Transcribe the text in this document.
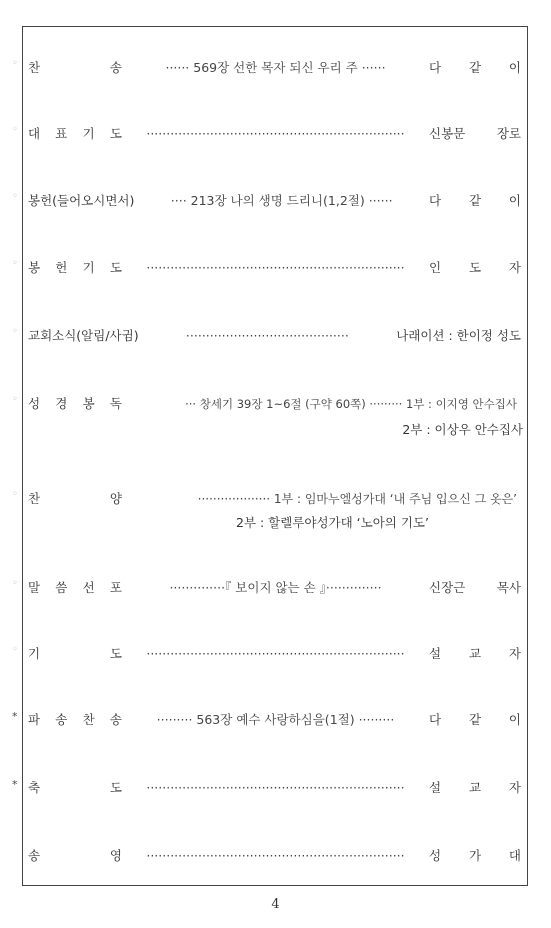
◦ 찬	송	······ 569장 선한 목자 되신 우리 주 ······	다 같 이
◦ 대 표 기 도	·································································	신봉문	장로
◦ 봉헌(들어오시면서)	···· 213장 나의 생명 드리니(1,2절) ······	다 같 이
◦ 봉 헌 기 도	·································································	인 도 자
◦ 교회소식(알림/사귐)	·········································	나래이션 : 한이정 성도
◦ 성 경 봉 독	··· 창세기 39장 1~6절 (구약 60쪽) ········· 1부 : 이지영 안수집사
2부 : 이상우 안수집사
◦ 찬	양	··················· 1부 : 임마누엘성가대 ‘내 주님 입으신 그 옷은’
2부 : 할렐루야성가대 ‘노아의 기도’
◦ 말 씀 선 포	··············『 보이지 않는 손 』··············	신장근	목사
◦ 기	도	·································································	설 교 자
* 파 송 찬 송	········· 563장 예수 사랑하심을(1절) ·········	다 같 이
* 축	도	·································································	설 교 자
송	영	·································································	성 가 대
4
